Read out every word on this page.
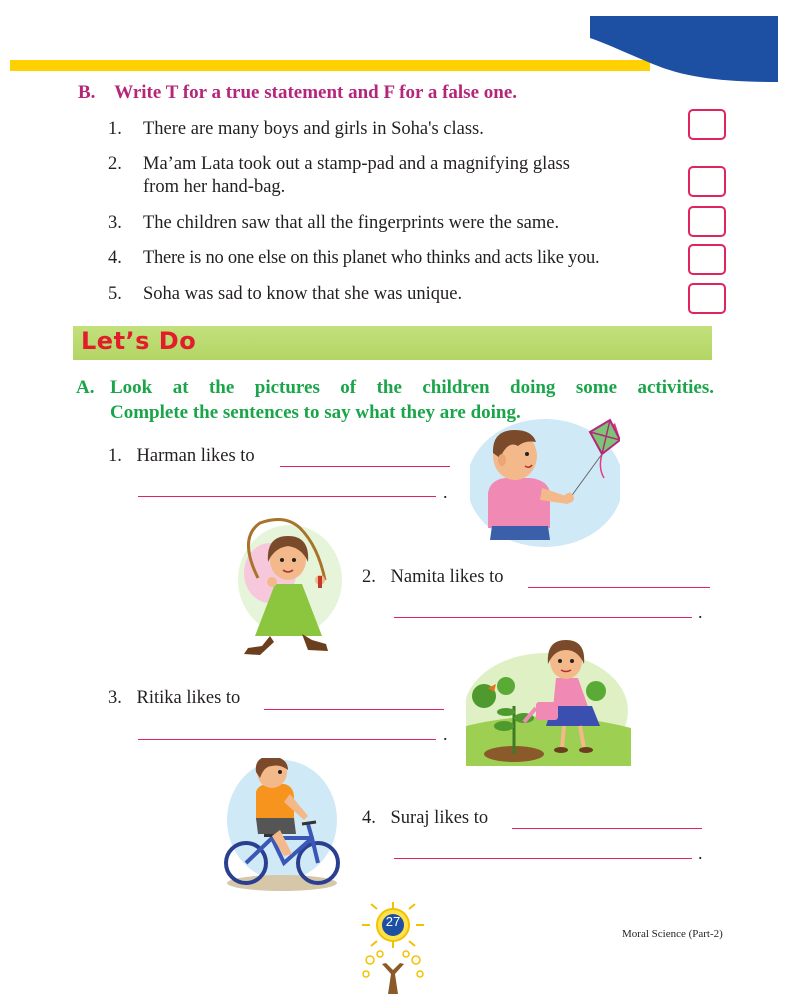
B. Write T for a true statement and F for a false one.
1. There are many boys and girls in Soha's class.
2. Ma’am Lata took out a stamp-pad and a magnifying glass
from her hand-bag.
3. The children saw that all the fingerprints were the same.
4. There is no one else on this planet who thinks and acts like you.
5. Soha was sad to know that she was unique.
Let’s Do
A. Look at the pictures of the children doing some activities.
Complete the sentences to say what they are doing.
1. Harman likes to
.
2. Namita likes to
.
3. Ritika likes to
.
4. Suraj likes to
.
27
Moral Science (Part-2)
